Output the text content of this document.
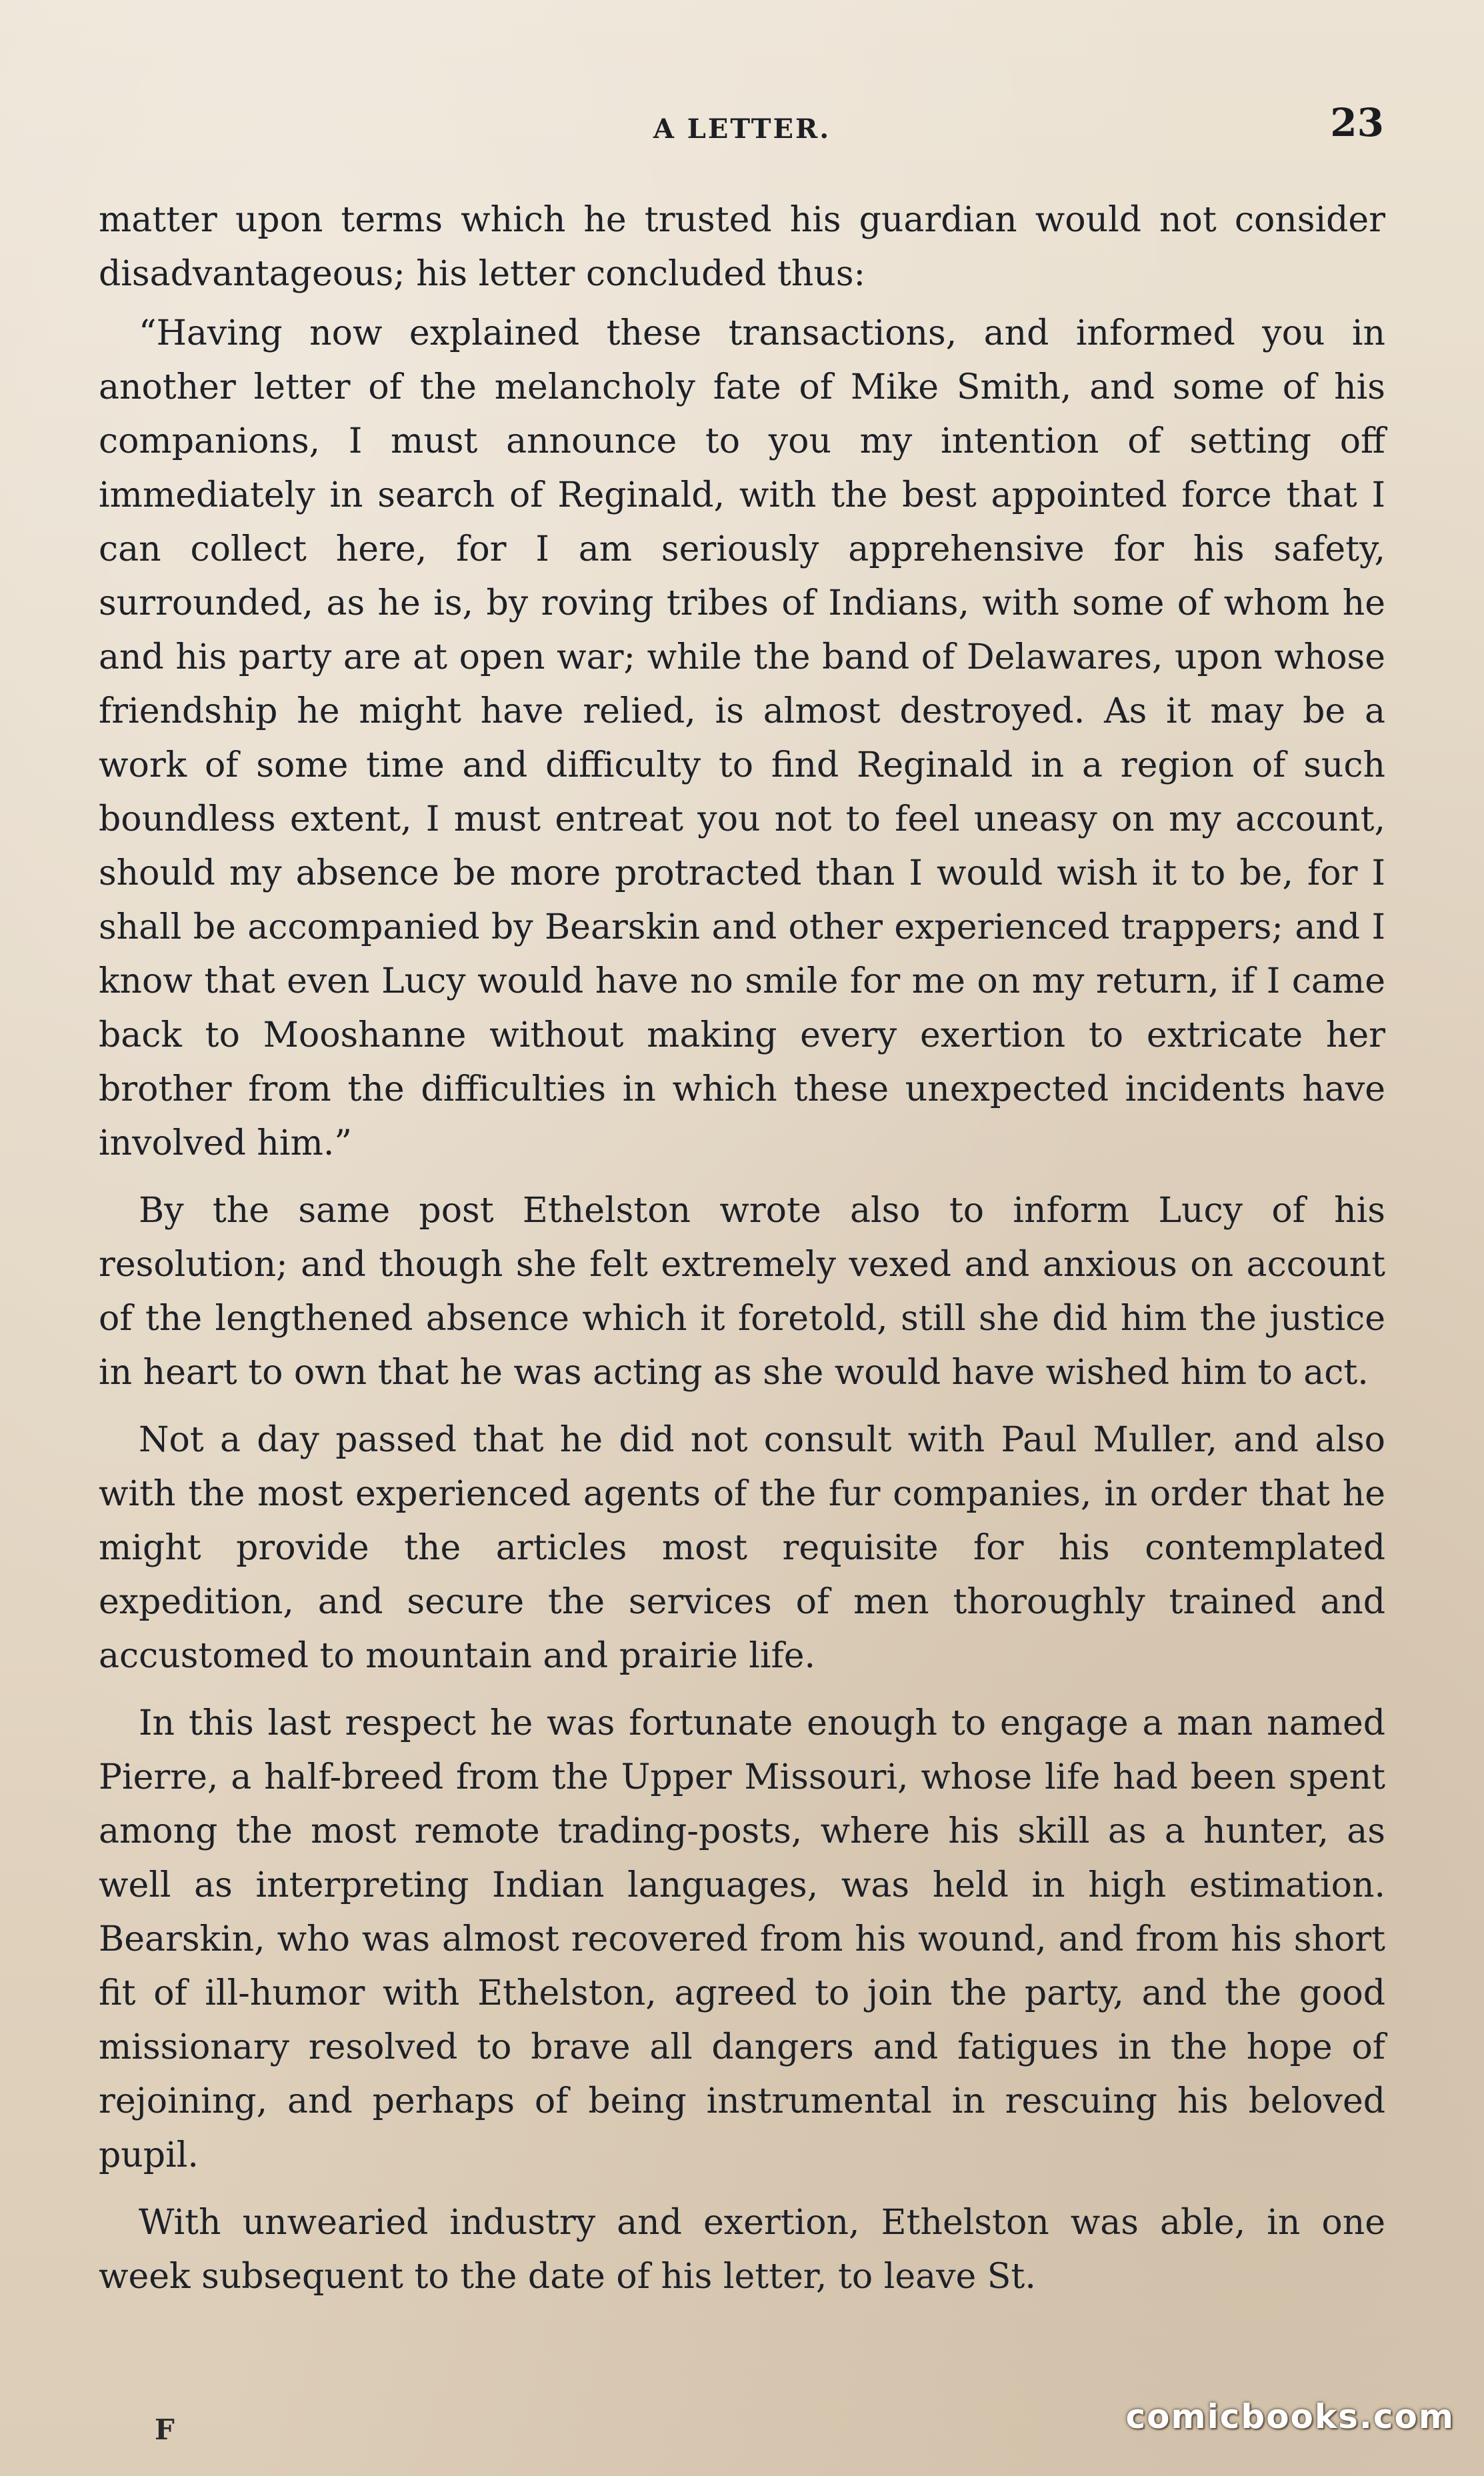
A LETTER.	23

matter upon terms which he trusted his guardian would not consider disadvantageous; his letter concluded thus:

“Having now explained these transactions, and informed you in another letter of the melancholy fate of Mike Smith, and some of his companions, I must announce to you my intention of setting off immediately in search of Reginald, with the best appointed force that I can collect here, for I am seriously apprehensive for his safety, surrounded, as he is, by roving tribes of Indians, with some of whom he and his party are at open war; while the band of Delawares, upon whose friendship he might have relied, is almost destroyed. As it may be a work of some time and difficulty to find Reginald in a region of such boundless extent, I must entreat you not to feel uneasy on my account, should my absence be more protracted than I would wish it to be, for I shall be accompanied by Bearskin and other experienced trappers; and I know that even Lucy would have no smile for me on my return, if I came back to Mooshanne without making every exertion to extricate her brother from the difficulties in which these unexpected incidents have involved him.”

By the same post Ethelston wrote also to inform Lucy of his resolution; and though she felt extremely vexed and anxious on account of the lengthened absence which it foretold, still she did him the justice in heart to own that he was acting as she would have wished him to act.

Not a day passed that he did not consult with Paul Muller, and also with the most experienced agents of the fur companies, in order that he might provide the articles most requisite for his contemplated expedition, and secure the services of men thoroughly trained and accustomed to mountain and prairie life.

In this last respect he was fortunate enough to engage a man named Pierre, a half-breed from the Upper Missouri, whose life had been spent among the most remote trading-posts, where his skill as a hunter, as well as interpreting Indian languages, was held in high estimation. Bearskin, who was almost recovered from his wound, and from his short fit of ill-humor with Ethelston, agreed to join the party, and the good missionary resolved to brave all dangers and fatigues in the hope of rejoining, and perhaps of being instrumental in rescuing his beloved pupil.

With unwearied industry and exertion, Ethelston was able, in one week subsequent to the date of his letter, to leave St.

F	comicbooks.com
